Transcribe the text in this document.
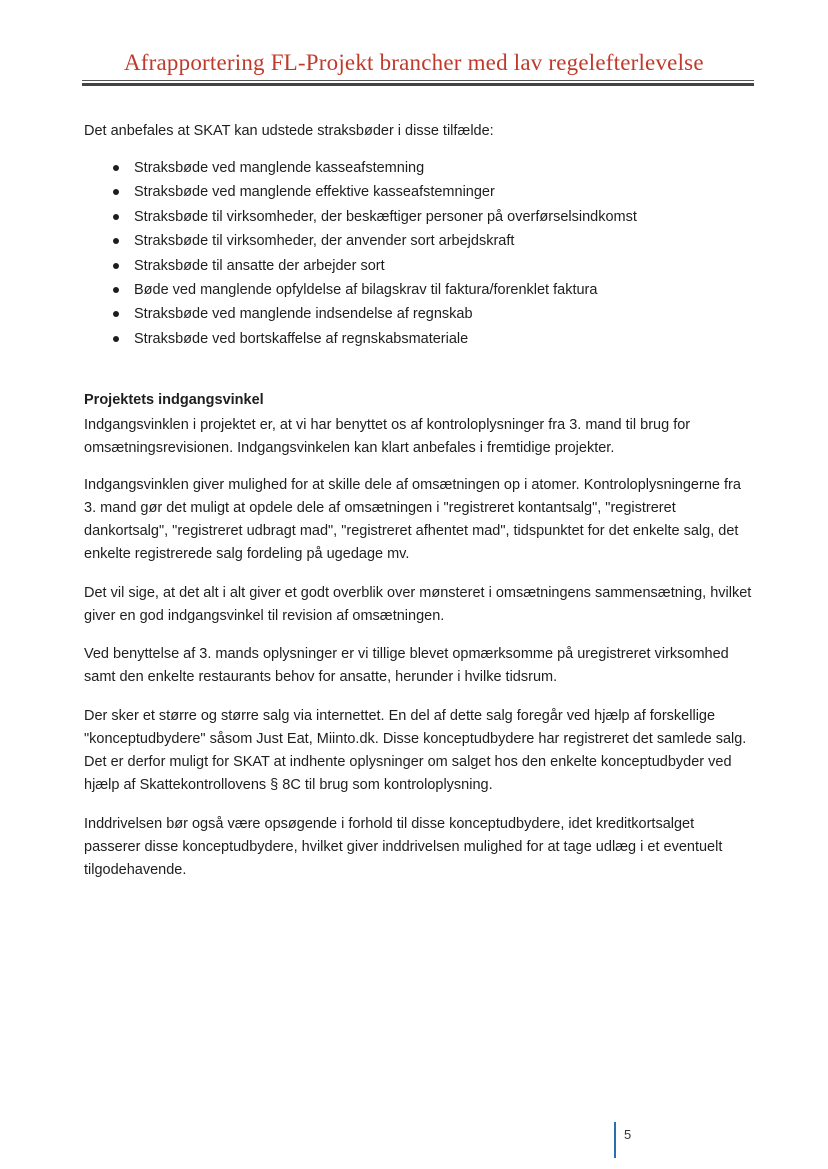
Afrapportering FL-Projekt brancher med lav regelefterlevelse
Det anbefales at SKAT kan udstede straksbøder i disse tilfælde:
Straksbøde ved manglende kasseafstemning
Straksbøde ved manglende effektive kasseafstemninger
Straksbøde til virksomheder, der beskæftiger personer på overførselsindkomst
Straksbøde til virksomheder, der anvender sort arbejdskraft
Straksbøde til ansatte der arbejder sort
Bøde ved manglende opfyldelse af bilagskrav til faktura/forenklet faktura
Straksbøde ved manglende indsendelse af regnskab
Straksbøde ved bortskaffelse af regnskabsmateriale
Projektets indgangsvinkel

Indgangsvinklen i projektet er, at vi har benyttet os af kontroloplysninger fra 3. mand til brug for omsætningsrevisionen. Indgangsvinkelen kan klart anbefales i fremtidige projekter.

Indgangsvinklen giver mulighed for at skille dele af omsætningen op i atomer. Kontroloplysningerne fra 3. mand gør det muligt at opdele dele af omsætningen i "registreret kontantsalg", "registreret dankortsalg", "registreret udbragt mad", "registreret afhentet mad", tidspunktet for det enkelte salg, det enkelte registrerede salg fordeling på ugedage mv.

Det vil sige, at det alt i alt giver et godt overblik over mønsteret i omsætningens sammensætning, hvilket giver en god indgangsvinkel til revision af omsætningen.

Ved benyttelse af 3. mands oplysninger er vi tillige blevet opmærksomme på uregistreret virksomhed samt den enkelte restaurants behov for ansatte, herunder i hvilke tidsrum.

Der sker et større og større salg via internettet. En del af dette salg foregår ved hjælp af forskellige "konceptudbydere" såsom Just Eat, Miinto.dk. Disse konceptudbydere har registreret det samlede salg. Det er derfor muligt for SKAT at indhente oplysninger om salget hos den enkelte konceptudbyder ved hjælp af Skattekontrollovens § 8C til brug som kontroloplysning.

Inddrivelsen bør også være opsøgende i forhold til disse konceptudbydere, idet kreditkortsalget passerer disse konceptudbydere, hvilket giver inddrivelsen mulighed for at tage udlæg i et eventuelt tilgodehavende.

5
